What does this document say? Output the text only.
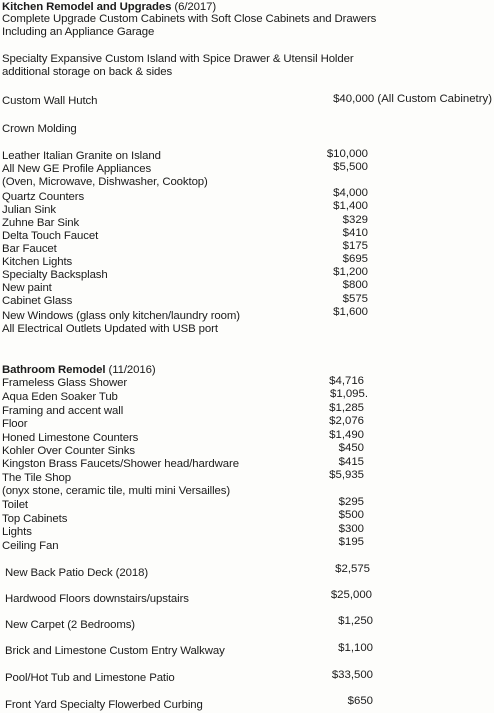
Kitchen Remodel and Upgrades (6/2017)
Complete Upgrade Custom Cabinets with Soft Close Cabinets and Drawers
Including an Appliance Garage
Specialty Expansive Custom Island with Spice Drawer & Utensil Holder
additional storage on back & sides
Custom Wall Hutch	$40,000 (All Custom Cabinetry)
Crown Molding
Leather Italian Granite on Island	$10,000
All New GE Profile Appliances	$5,500
(Oven, Microwave, Dishwasher, Cooktop)
Quartz Counters	$4,000
Julian Sink	$1,400
Zuhne Bar Sink	$329
Delta Touch Faucet	$410
Bar Faucet	$175
Kitchen Lights	$695
Specialty Backsplash	$1,200
New paint	$800
Cabinet Glass	$575
New Windows (glass only kitchen/laundry room)	$1,600
All Electrical Outlets Updated with USB port
Bathroom Remodel (11/2016)
Frameless Glass Shower	$4,716
Aqua Eden Soaker Tub	$1,095.
Framing and accent wall	$1,285
Floor	$2,076
Honed Limestone Counters	$1,490
Kohler Over Counter Sinks	$450
Kingston Brass Faucets/Shower head/hardware	$415
The Tile Shop	$5,935
(onyx stone, ceramic tile, multi mini Versailles)
Toilet	$295
Top Cabinets	$500
Lights	$300
Ceiling Fan	$195
New Back Patio Deck (2018)	$2,575
Hardwood Floors downstairs/upstairs	$25,000
New Carpet (2 Bedrooms)	$1,250
Brick and Limestone Custom Entry Walkway	$1,100
Pool/Hot Tub and Limestone Patio	$33,500
Front Yard Specialty Flowerbed Curbing	$650
